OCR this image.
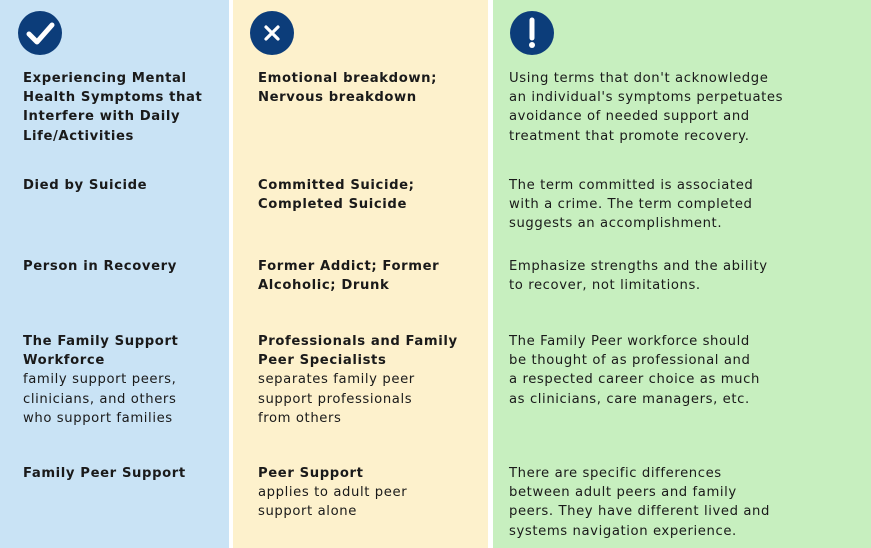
Experiencing Mental
Health Symptoms that
Interfere with Daily
Life/Activities
Died by Suicide
Person in Recovery
The Family Support
Workforce
family support peers,
clinicians, and others
who support families
Family Peer Support
Emotional breakdown;
Nervous breakdown
Committed Suicide;
Completed Suicide
Former Addict; Former
Alcoholic; Drunk
Professionals and Family
Peer Specialists
separates family peer
support professionals
from others
Peer Support
applies to adult peer
support alone
Using terms that don't acknowledge
an individual's symptoms perpetuates
avoidance of needed support and
treatment that promote recovery.
The term committed is associated
with a crime. The term completed
suggests an accomplishment.
Emphasize strengths and the ability
to recover, not limitations.
The Family Peer workforce should
be thought of as professional and
a respected career choice as much
as clinicians, care managers, etc.
There are specific differences
between adult peers and family
peers. They have different lived and
systems navigation experience.
